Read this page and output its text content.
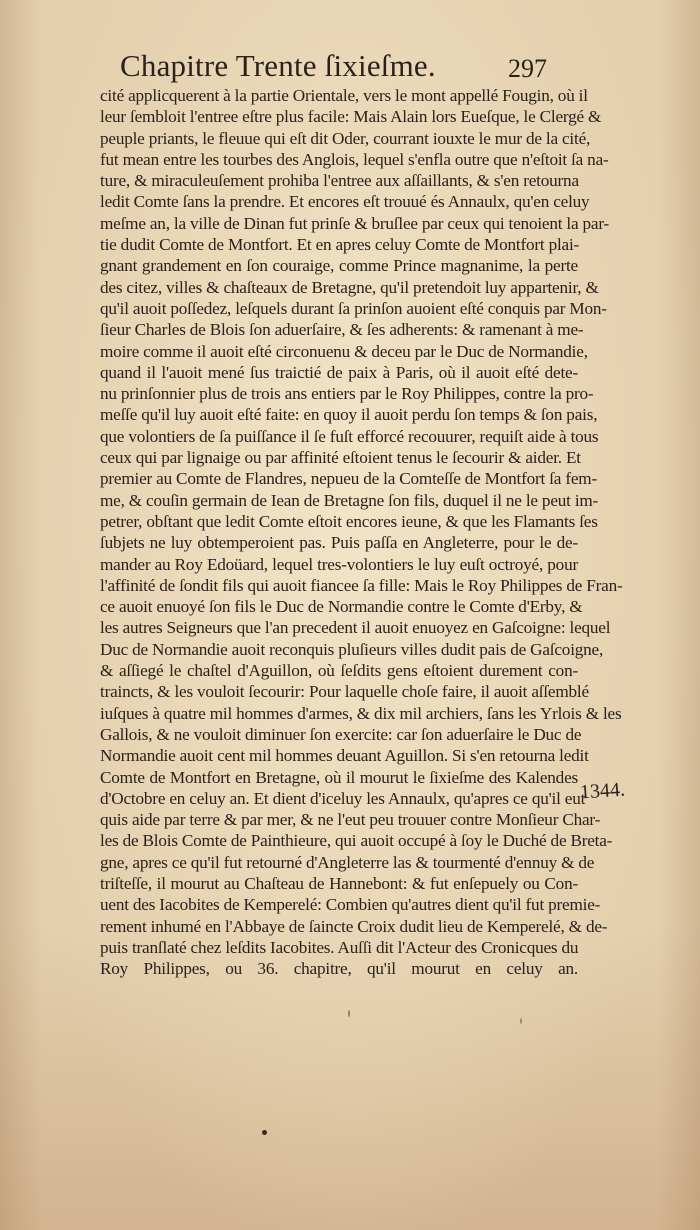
Chapitre Trente ſixieſme.	297
cité applicquerent à la partie Orientale, vers le mont appellé Fougin, où il
leur ſembloit l'entree eſtre plus facile: Mais Alain lors Eueſque, le Clergé &
peuple priants, le fleuue qui eſt dit Oder, courrant iouxte le mur de la cité,
fut mean entre les tourbes des Anglois, lequel s'enfla outre que n'eſtoit ſa na-
ture, & miraculeuſement prohiba l'entree aux aſſaillants, & s'en retourna
ledit Comte ſans la prendre. Et encores eſt trouué és Annaulx, qu'en celuy
meſme an, la ville de Dinan fut prinſe & bruſlee par ceux qui tenoient la par-
tie dudit Comte de Montfort. Et en apres celuy Comte de Montfort plai-
gnant grandement en ſon couraige, comme Prince magnanime, la perte
des citez, villes & chaſteaux de Bretagne, qu'il pretendoit luy appartenir, &
qu'il auoit poſſedez, leſquels durant ſa prinſon auoient eſté conquis par Mon-
ſieur Charles de Blois ſon aduerſaire, & ſes adherents: & ramenant à me-
moire comme il auoit eſté circonuenu & deceu par le Duc de Normandie,
quand il l'auoit mené ſus traictié de paix à Paris, où il auoit eſté dete-
nu prinſonnier plus de trois ans entiers par le Roy Philippes, contre la pro-
meſſe qu'il luy auoit eſté faite: en quoy il auoit perdu ſon temps & ſon pais,
que volontiers de ſa puiſſance il ſe fuſt efforcé recouurer, requiſt aide à tous
ceux qui par lignaige ou par affinité eſtoient tenus le ſecourir & aider. Et
premier au Comte de Flandres, nepueu de la Comteſſe de Montfort ſa fem-
me, & couſin germain de Iean de Bretagne ſon fils, duquel il ne le peut im-
petrer, obſtant que ledit Comte eſtoit encores ieune, & que les Flamants ſes
ſubjets ne luy obtemperoient pas. Puis paſſa en Angleterre, pour le de-
mander au Roy Edoüard, lequel tres-volontiers le luy euſt octroyé, pour
l'affinité de ſondit fils qui auoit fiancee ſa fille: Mais le Roy Philippes de Fran-
ce auoit enuoyé ſon fils le Duc de Normandie contre le Comte d'Erby, &
les autres Seigneurs que l'an precedent il auoit enuoyez en Gaſcoigne: lequel
Duc de Normandie auoit reconquis pluſieurs villes dudit pais de Gaſcoigne,
& aſſiegé le chaſtel d'Aguillon, où ſeſdits gens eſtoient durement con-
traincts, & les vouloit ſecourir: Pour laquelle choſe faire, il auoit aſſemblé
iuſques à quatre mil hommes d'armes, & dix mil archiers, ſans les Yrlois & les
Gallois, & ne vouloit diminuer ſon exercite: car ſon aduerſaire le Duc de
Normandie auoit cent mil hommes deuant Aguillon. Si s'en retourna ledit
Comte de Montfort en Bretagne, où il mourut le ſixieſme des Kalendes
d'Octobre en celuy an. Et dient d'iceluy les Annaulx, qu'apres ce qu'il eut
quis aide par terre & par mer, & ne l'eut peu trouuer contre Monſieur Char-
les de Blois Comte de Painthieure, qui auoit occupé à ſoy le Duché de Breta-
gne, apres ce qu'il fut retourné d'Angleterre las & tourmenté d'ennuy & de
triſteſſe, il mourut au Chaſteau de Hannebont: & fut enſepuely ou Con-
uent des Iacobites de Kemperelé: Combien qu'autres dient qu'il fut premie-
rement inhumé en l'Abbaye de ſaincte Croix dudit lieu de Kemperelé, & de-
puis tranſlaté chez leſdits Iacobites. Auſſi dit l'Acteur des Cronicques du
Roy Philippes, ou 36. chapitre, qu'il mourut en celuy an.
1344.
